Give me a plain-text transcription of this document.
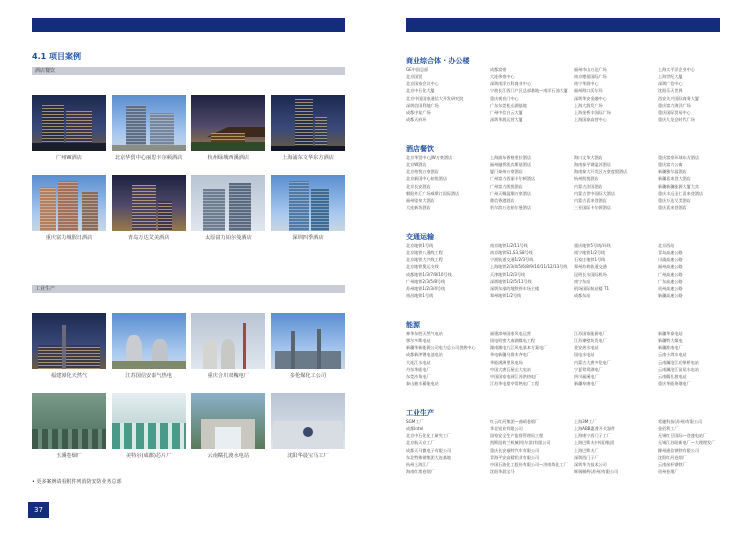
4.1 项目案例
酒店餐饮
广州W酒店	北京华贸中心丽思卡尔顿酒店	杭州绿城西溪酒店	上海浦东文华东方酒店
重庆富力城假日酒店	青岛万达艾美酒店	太原富力铂尔曼酒店	深圳四季酒店
工业生产
福建漳化天然气	江苏国信安泰气热电	重庆合川双槐电厂	多伦煤化工公司
玉溪卷烟厂	美特尔(成都)芯片厂	云南糯扎渡水电站	沈阳华晨宝马工厂
• 更多案例请看附件列消防安防业务总部
37
商业综合体 · 办公楼
GE中国总部	成都富豪	福州市山万达广场	上海太平洋企业中心
北京国贸	大连伟豪中心	南京德基国际广场	上海世纪大厦
北京国家会议中心	深圳南洋万科商业中心	南宁华润中心	深圳广信中心
北京中石化大厦	宁波长江西门户区总部基地—南洋石油大厦	福州海口沃尔玛	沈阳乐天世界
北京中国国家通信大开发研究院	重庆观音门中心	深圳华安金融中心	西安关兴国际商务大厦
深圳信国利地广场	广东东莞松山湖基地	上海大润发广场	重庆富力海洋广场
成都中复广场	广州中信白云大厦	上海金桥丰国际广场	重庆国际贸易中心
成都天府环	深圳华润运营大厦	上海国泰高营中心	重庆九龙仓时代广场
酒店餐饮
北京华贸中心JW万豪酒店	上海浦东香格里拉酒店	海口文华大酒店	重庆富豪环球东方酒店
北京W酒店	福州融侨凯宾斯基酒店	海南泰平钢盈苏酒店	重庆富力公寓
北京柏悦万豪酒店	厦门泰州万豪酒店	海南泰大开发区万豪度假酒店	新疆雅尔温酒店
北京新国中心铂悦酒店	广州富力西丽卡尔顿酒店	杭州凯悦酒店	新疆喜来登大酒店
北京长安酒店	广州富力凯悦酒店	内蒙古法国酒店	新疆新疆能源大厦大宾
朝阳外汇广场威斯汀国际酒店	广州天赐温顺万豪酒店	内蒙古世中国际大酒店	重庆丰远圣仁喜来登酒店
福州望泉大酒店	鼎信香港酒店	内蒙古喜来登酒店	重庆万达艾美酒店
大连新坊酒店	哈尔滨万达铂尔曼酒店	三亚国际卡尔顿酒店	重庆喜来登酒店
交通运输
北京地铁1号线	南京地铁1/2/11号线	重庆地铁5号线/环线	北京西站
北京地铁八通线工程	南京地铁S1,S3,S8号线	南宁地铁1/2号线	青岛高速公路
北京地铁大兴线工程	宁波轨道交通1/2/3号线	石家庄地铁1号线	川渝高速公路
北京地铁奥运支线	上海地铁2/3/4/5/6/8/9/10/11/12/13号线	郑州苏荷轨道交通	福州高速公路
成都地铁1/3/7/8/10号线	天津地铁1/2/3号线	昆明长水国际机场	广州高速公路
广州地铁2/3/5/8号线	深圳地铁1/2/5/11号线	南宁东站	广东高速公路
苏州地铁1/2/3/4号线	深圳东部的地铁停车场主楼	机场国际航站楼 T1	贵州高速公路
南昌地铁1号线	郑州地铁1/2号线	成都东站	新疆高速公路
能源
神华东胜天然气电站	福建漳州国家风电运营	江苏国家能源电厂	新疆华泰电站
鄂尔多斯电站	国电哈密大南湖煤电工程	江苏谏壁坊发电厂	新疆特大煤电
新疆华新能源公司电力总公司供热中心	湖南湘电九江风电基本方案电厂	金安热水电站	新疆准南电厂
成都新津锂电池电站	华电新疆乌鲁木齐电厂	国电水电站	云南小湾水电站
大连江水电站	华能满洲里风电场	内蒙古大唐多伦电厂	云南澜沧江功果桥电站
丹东华能电厂	中国大唐瓦屋山大电站	宁夏鸳鸯湖电厂	云南澜沧江苗尾水电站
东莞沙角电厂	中国国家电网江苏供热电厂	四川福溪电厂	云南糯扎渡电站
泰山抽水蓄能电站	江苏华电望亭常熟电厂工程	新疆阜康电厂	重庆华能珞璜电厂
工业生产
SGM工厂	红云红河集团—曲靖卷烟厂	上海3M工厂	希捷科技(苏州)有限公司
成都Intel	华北铝业有限公司	上海ABB惠普开关器件	金佰利工厂
北京中石化化工研究工厂	国家安全生产监督管理局工程	上海康宁西门子工厂	无锡红豆国际—登盛电站厂
北京航天京工厂	凯斯纽荷兰机械(哈尔滨)有限公司	上海巴斯夫(中国)集团	无锡江苏阳新电厂—大理理发厂
成都天马微电子有限公司	重庆长安福特汽车有限公司	上海巴斯夫厂	柳州通信钢铁有限公司
东北特殊钢集团大连基地	青海平安高精铝业有限公司	深圳西门子厂	沈阳红河卷烟厂
杭州上海江厂	中国石油化工股份有限公司—济南炼化工厂	深圳华为技术公司	云南丝杆钢铁厂
海南红塔卷烟厂	沈阳华晨宝马	辉瑞制药(苏州)有限公司	贵州卷烟厂
